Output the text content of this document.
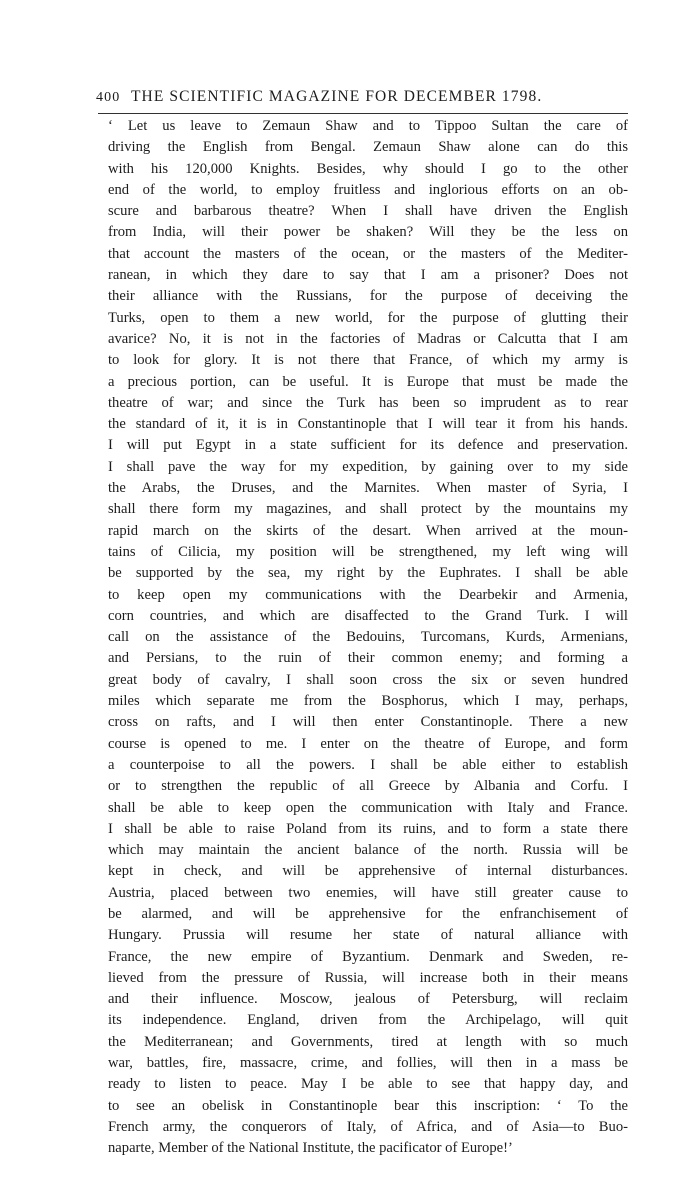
400 THE SCIENTIFIC MAGAZINE FOR DECEMBER 1798.
‘ Let us leave to Zemaun Shaw and to Tippoo Sultan the care of
driving the English from Bengal. Zemaun Shaw alone can do this
with his 120,000 Knights. Besides, why should I go to the other
end of the world, to employ fruitless and inglorious efforts on an ob-
scure and barbarous theatre? When I shall have driven the English
from India, will their power be shaken? Will they be the less on
that account the masters of the ocean, or the masters of the Mediter-
ranean, in which they dare to say that I am a prisoner? Does not
their alliance with the Russians, for the purpose of deceiving the
Turks, open to them a new world, for the purpose of glutting their
avarice? No, it is not in the factories of Madras or Calcutta that I am
to look for glory. It is not there that France, of which my army is
a precious portion, can be useful. It is Europe that must be made the
theatre of war; and since the Turk has been so imprudent as to rear
the standard of it, it is in Constantinople that I will tear it from his hands.
I will put Egypt in a state sufficient for its defence and preservation.
I shall pave the way for my expedition, by gaining over to my side
the Arabs, the Druses, and the Marnites. When master of Syria, I
shall there form my magazines, and shall protect by the mountains my
rapid march on the skirts of the desart. When arrived at the moun-
tains of Cilicia, my position will be strengthened, my left wing will
be supported by the sea, my right by the Euphrates. I shall be able
to keep open my communications with the Dearbekir and Armenia,
corn countries, and which are disaffected to the Grand Turk. I will
call on the assistance of the Bedouins, Turcomans, Kurds, Armenians,
and Persians, to the ruin of their common enemy; and forming a
great body of cavalry, I shall soon cross the six or seven hundred
miles which separate me from the Bosphorus, which I may, perhaps,
cross on rafts, and I will then enter Constantinople. There a new
course is opened to me. I enter on the theatre of Europe, and form
a counterpoise to all the powers. I shall be able either to establish
or to strengthen the republic of all Greece by Albania and Corfu. I
shall be able to keep open the communication with Italy and France.
I shall be able to raise Poland from its ruins, and to form a state there
which may maintain the ancient balance of the north. Russia will be
kept in check, and will be apprehensive of internal disturbances.
Austria, placed between two enemies, will have still greater cause to
be alarmed, and will be apprehensive for the enfranchisement of
Hungary. Prussia will resume her state of natural alliance with
France, the new empire of Byzantium. Denmark and Sweden, re-
lieved from the pressure of Russia, will increase both in their means
and their influence. Moscow, jealous of Petersburg, will reclaim
its independence. England, driven from the Archipelago, will quit
the Mediterranean; and Governments, tired at length with so much
war, battles, fire, massacre, crime, and follies, will then in a mass be
ready to listen to peace. May I be able to see that happy day, and
to see an obelisk in Constantinople bear this inscription: ‘ To the
French army, the conquerors of Italy, of Africa, and of Asia—to Buo-
naparte, Member of the National Institute, the pacificator of Europe!’
